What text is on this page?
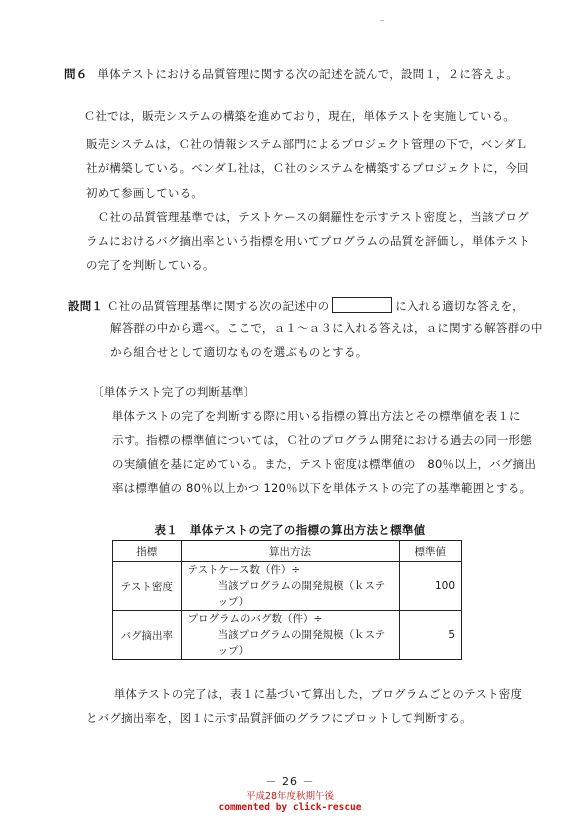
問６ 単体テストにおける品質管理に関する次の記述を読んで，設問１，２に答えよ。
　Ｃ社では，販売システムの構築を進めており，現在，単体テストを実施している。
販売システムは，Ｃ社の情報システム部門によるプロジェクト管理の下で，ベンダＬ
社が構築している。ベンダＬ社は，Ｃ社のシステムを構築するプロジェクトに，今回
初めて参画している。
　Ｃ社の品質管理基準では，テストケースの網羅性を示すテスト密度と，当該プログ
ラムにおけるバグ摘出率という指標を用いてプログラムの品質を評価し，単体テスト
の完了を判断している。
設問１ Ｃ社の品質管理基準に関する次の記述中の	に入れる適切な答えを，
解答群の中から選べ。ここで，ａ１～ａ３に入れる答えは，ａに関する解答群の中
から組合せとして適切なものを選ぶものとする。
〔単体テスト完了の判断基準〕
　単体テストの完了を判断する際に用いる指標の算出方法とその標準値を表１に
示す。指標の標準値については，Ｃ社のプログラム開発における過去の同一形態
の実績値を基に定めている。また，テスト密度は標準値の　80％以上，バグ摘出
率は標準値の 80％以上かつ 120％以下を単体テストの完了の基準範囲とする。
表１　単体テストの完了の指標の算出方法と標準値
指標	算出方法	標準値
テスト密度	テストケース数（件）÷
当該プログラムの開発規模（ｋステップ）	100
バグ摘出率	プログラムのバグ数（件）÷
当該プログラムの開発規模（ｋステップ）	5
　単体テストの完了は，表１に基づいて算出した，プログラムごとのテスト密度
とバグ摘出率を，図１に示す品質評価のグラフにプロットして判断する。
－ 26 －
平成28年度秋期午後
commented by click-rescue
